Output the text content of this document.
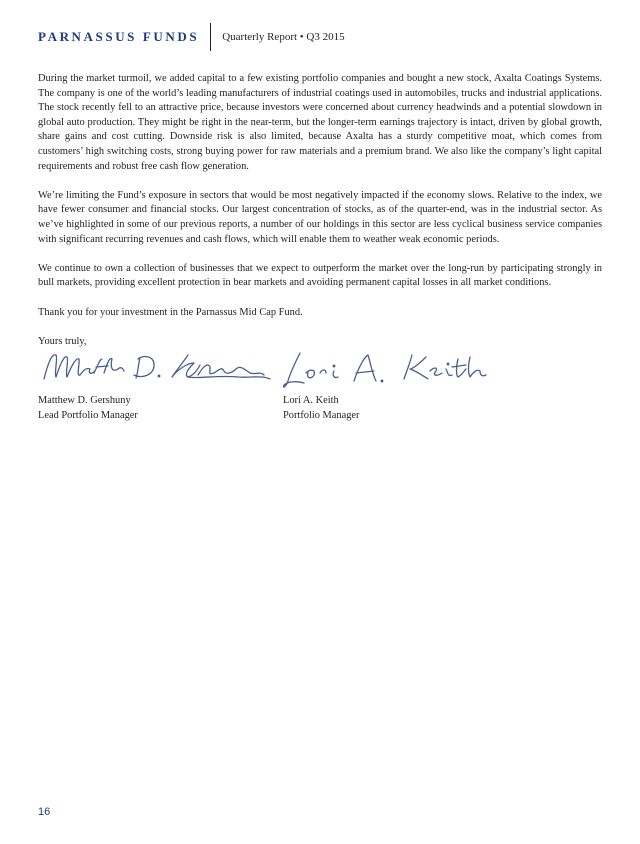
PARNASSUS FUNDS Quarterly Report • Q3 2015

During the market turmoil, we added capital to a few existing portfolio companies and bought a new stock, Axalta Coatings Systems. The company is one of the world’s leading manufacturers of industrial coatings used in automobiles, trucks and industrial applications. The stock recently fell to an attractive price, because investors were concerned about currency headwinds and a potential slowdown in global auto production. They might be right in the near-term, but the longer-term earnings trajectory is intact, driven by global growth, share gains and cost cutting. Downside risk is also limited, because Axalta has a sturdy competitive moat, which comes from customers’ high switching costs, strong buying power for raw materials and a premium brand. We also like the company’s light capital requirements and robust free cash flow generation.

We’re limiting the Fund’s exposure in sectors that would be most negatively impacted if the economy slows. Relative to the index, we have fewer consumer and financial stocks. Our largest concentration of stocks, as of the quarter-end, was in the industrial sector. As we’ve highlighted in some of our previous reports, a number of our holdings in this sector are less cyclical business service companies with significant recurring revenues and cash flows, which will enable them to weather weak economic periods.

We continue to own a collection of businesses that we expect to outperform the market over the long-run by participating strongly in bull markets, providing excellent protection in bear markets and avoiding permanent capital losses in all market conditions.

Thank you for your investment in the Parnassus Mid Cap Fund.

Yours truly,

Matthew D. Gershuny
Lead Portfolio Manager
Lori A. Keith
Portfolio Manager
16
